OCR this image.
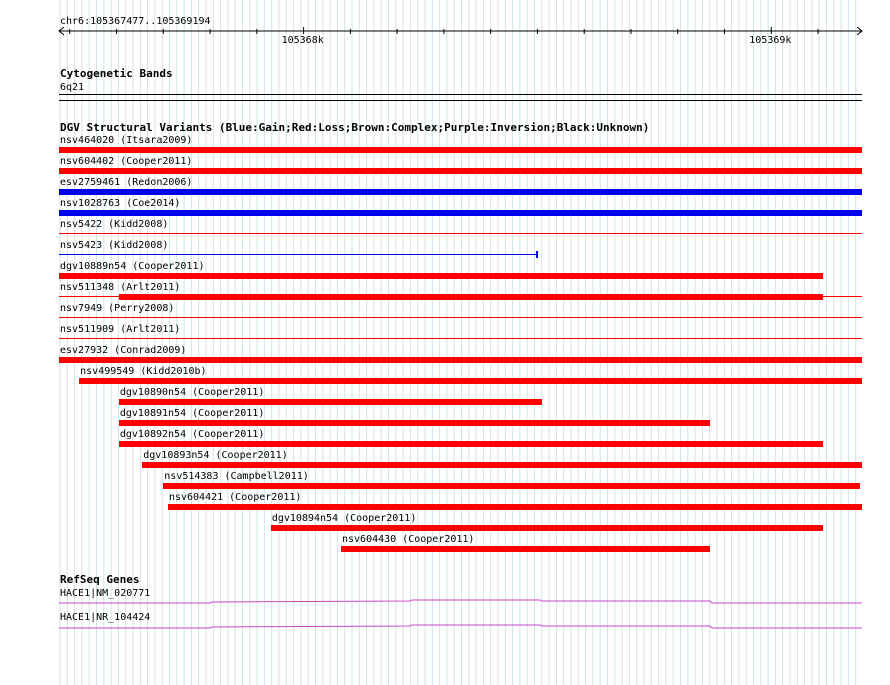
chr6:105367477..105369194
105368k	105369k
Cytogenetic Bands
6q21
DGV Structural Variants (Blue:Gain;Red:Loss;Brown:Complex;Purple:Inversion;Black:Unknown)
nsv464020 (Itsara2009)
nsv604402 (Cooper2011)
esv2759461 (Redon2006)
nsv1028763 (Coe2014)
nsv5422 (Kidd2008)
nsv5423 (Kidd2008)
dgv10889n54 (Cooper2011)
nsv511348 (Arlt2011)
nsv7949 (Perry2008)
nsv511909 (Arlt2011)
esv27932 (Conrad2009)
nsv499549 (Kidd2010b)
dgv10890n54 (Cooper2011)
dgv10891n54 (Cooper2011)
dgv10892n54 (Cooper2011)
dgv10893n54 (Cooper2011)
nsv514383 (Campbell2011)
nsv604421 (Cooper2011)
dgv10894n54 (Cooper2011)
nsv604430 (Cooper2011)
RefSeq Genes
HACE1|NM_020771
HACE1|NR_104424
